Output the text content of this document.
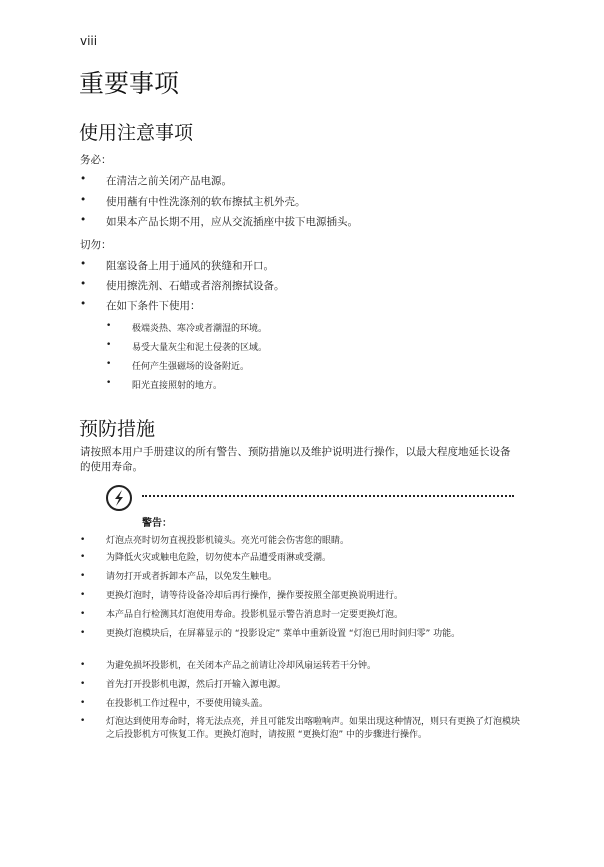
viii
重要事项
使用注意事项
务必：
• 在清洁之前关闭产品电源。
• 使用蘸有中性洗涤剂的软布擦拭主机外壳。
• 如果本产品长期不用，应从交流插座中拔下电源插头。
切勿：
• 阻塞设备上用于通风的狭缝和开口。
• 使用擦洗剂、石蜡或者溶剂擦拭设备。
• 在如下条件下使用：
• 极端炎热、寒冷或者潮湿的环境。
• 易受大量灰尘和泥土侵袭的区域。
• 任何产生强磁场的设备附近。
• 阳光直接照射的地方。
预防措施
请按照本用户手册建议的所有警告、预防措施以及维护说明进行操作，以最大程度地延长设备的使用寿命。
警告：
• 灯泡点亮时切勿直视投影机镜头。亮光可能会伤害您的眼睛。
• 为降低火灾或触电危险，切勿使本产品遭受雨淋或受潮。
• 请勿打开或者拆卸本产品，以免发生触电。
• 更换灯泡时，请等待设备冷却后再行操作，操作要按照全部更换说明进行。
• 本产品自行检测其灯泡使用寿命。投影机显示警告消息时一定要更换灯泡。
• 更换灯泡模块后，在屏幕显示的 “投影设定” 菜单中重新设置 “灯泡已用时间归零” 功能。
• 为避免损坏投影机，在关闭本产品之前请让冷却风扇运转若干分钟。
• 首先打开投影机电源，然后打开输入源电源。
• 在投影机工作过程中，不要使用镜头盖。
• 灯泡达到使用寿命时，将无法点亮，并且可能发出喀啦响声。如果出现这种情况，则只有更换了灯泡模块之后投影机方可恢复工作。更换灯泡时，请按照 “更换灯泡” 中的步骤进行操作。
